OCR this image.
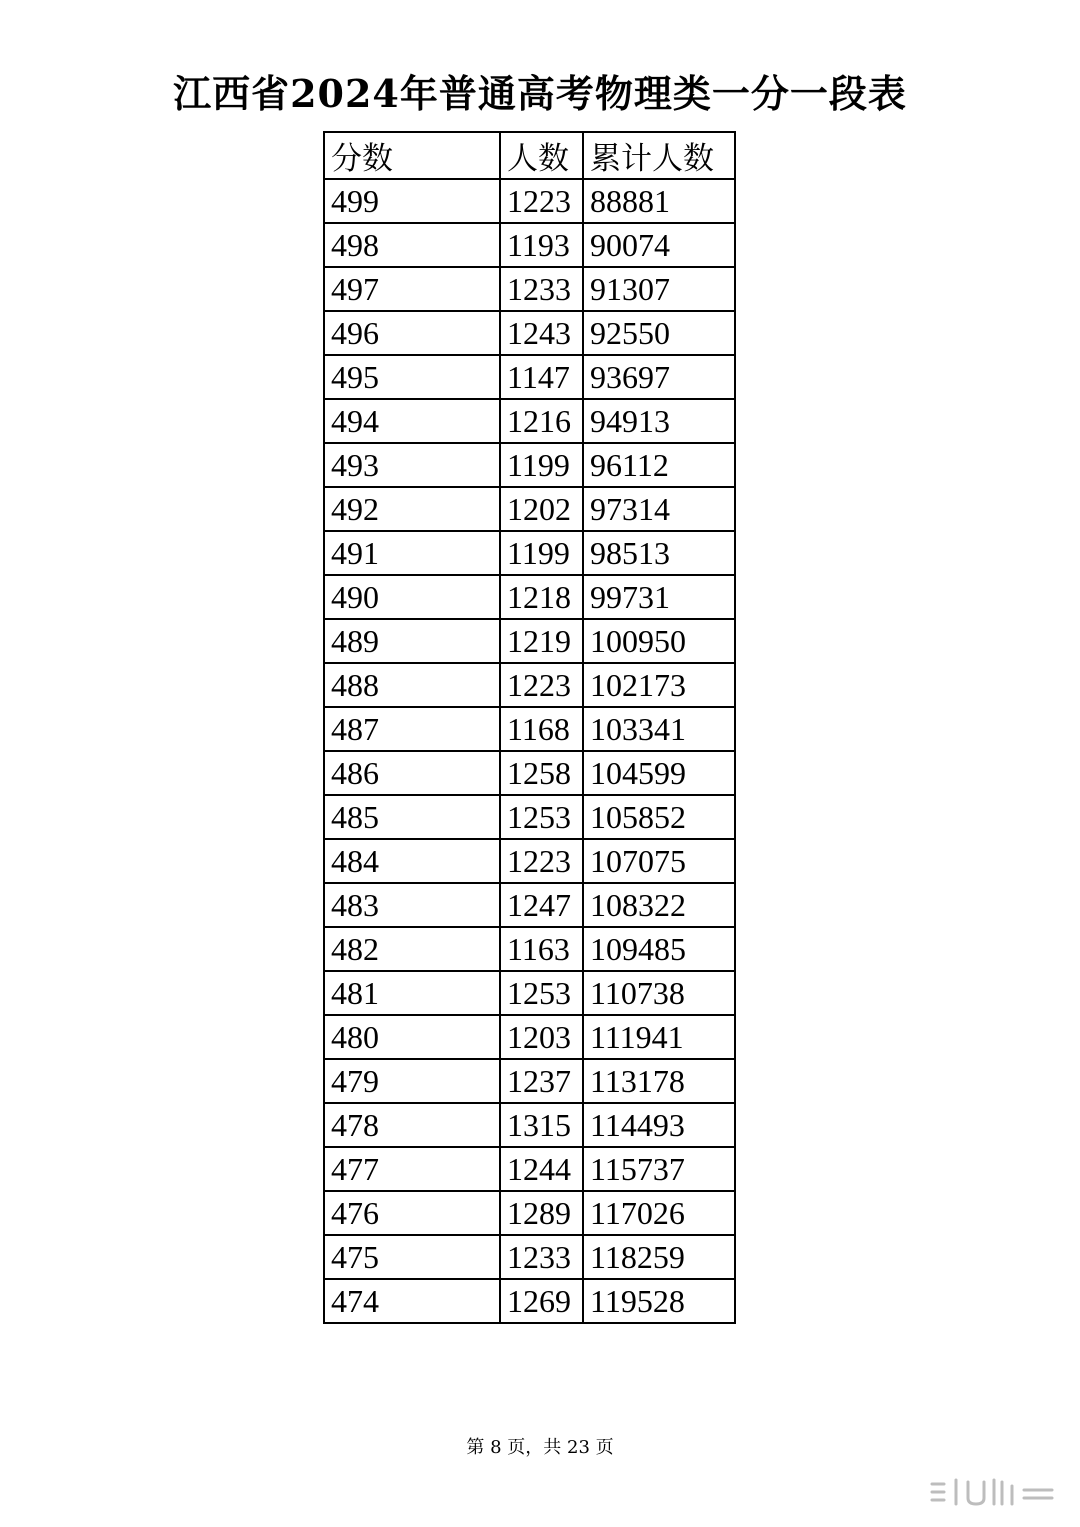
江西省2024年普通高考物理类一分一段表
分数	人数	累计人数
499	1223	88881
498	1193	90074
497	1233	91307
496	1243	92550
495	1147	93697
494	1216	94913
493	1199	96112
492	1202	97314
491	1199	98513
490	1218	99731
489	1219	100950
488	1223	102173
487	1168	103341
486	1258	104599
485	1253	105852
484	1223	107075
483	1247	108322
482	1163	109485
481	1253	110738
480	1203	111941
479	1237	113178
478	1315	114493
477	1244	115737
476	1289	117026
475	1233	118259
474	1269	119528
第 8 页，共 23 页
